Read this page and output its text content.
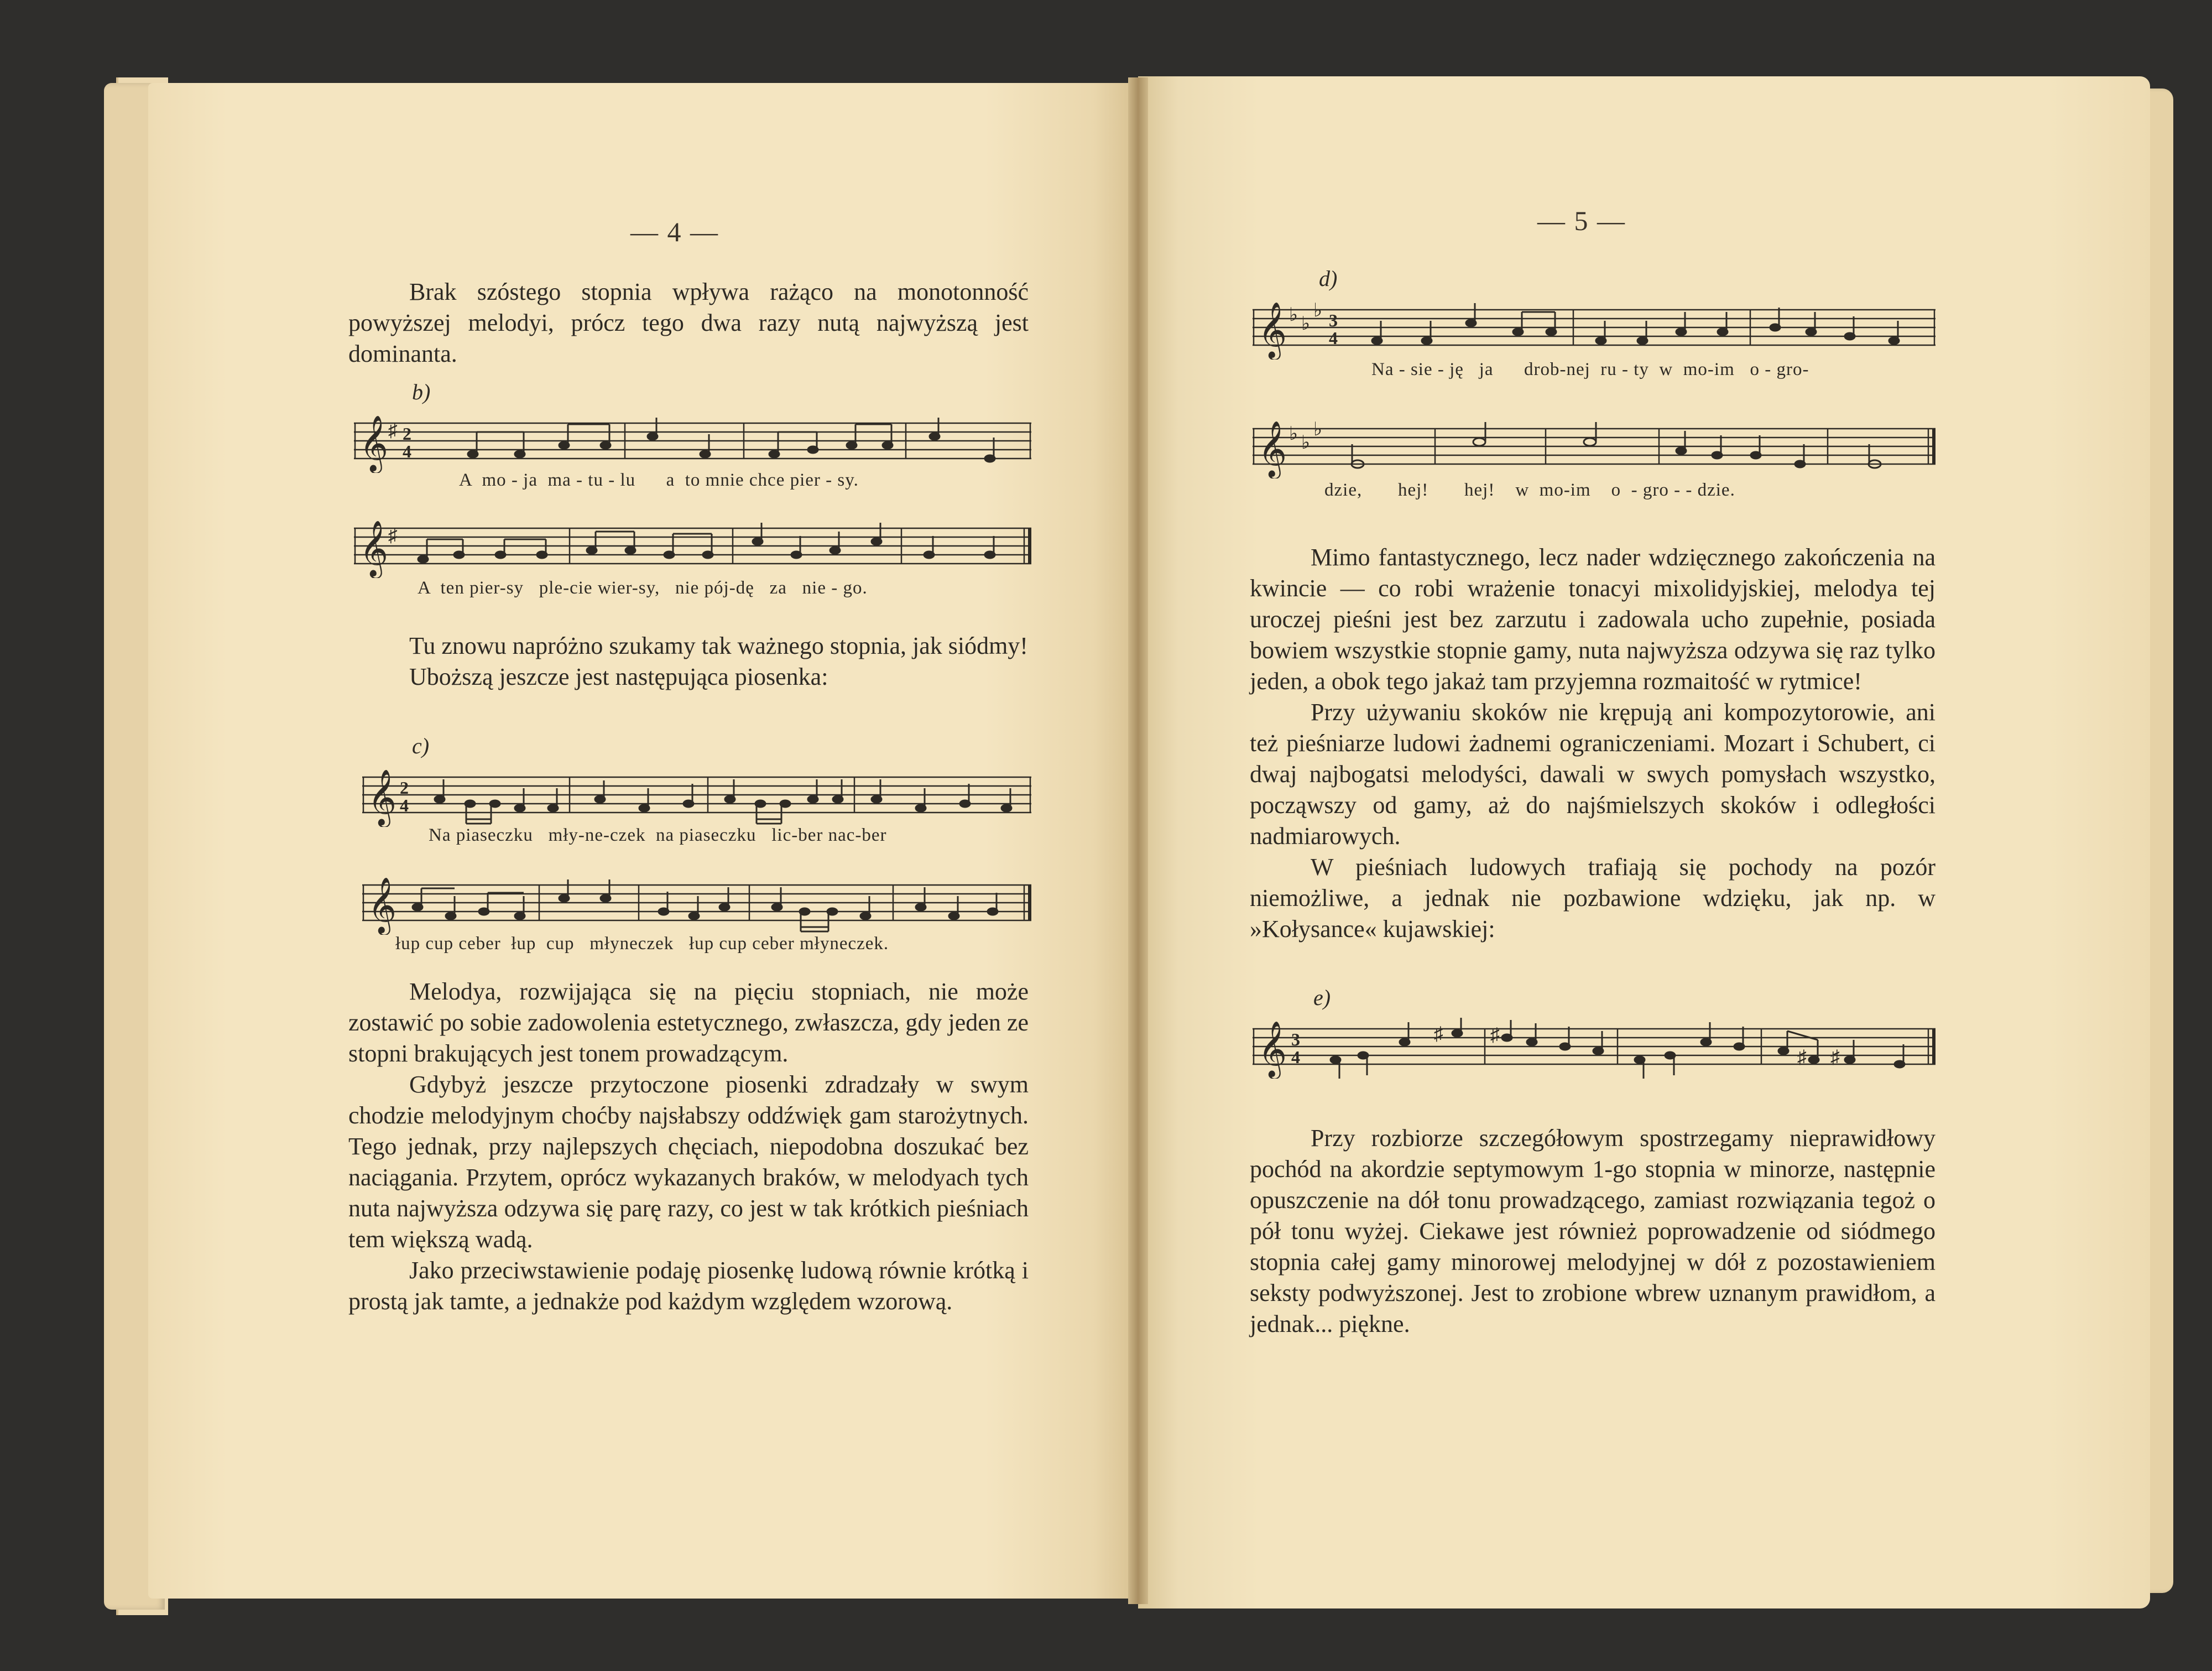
— 4 —

Brak szóstego stopnia wpływa rażąco na monotonność powyższej melodyi, prócz tego dwa razy nutą najwyższą jest dominanta.

b)
𝄞 ♯ 2
4
A  mo - ja  ma - tu - lu      a  to mnie chce pier - sy.
𝄞 ♯
A  ten pier-sy   ple-cie wier-sy,   nie pój-dę   za   nie - go.

Tu znowu napróżno szukamy tak ważnego stopnia, jak siódmy!

Uboższą jeszcze jest następująca piosenka:

c)
𝄞 2
4
Na piaseczku   mły-ne-czek  na piaseczku   lic-ber nac-ber
𝄞
łup cup ceber  łup  cup   młyneczek   łup cup ceber młyneczek.

Melodya, rozwijająca się na pięciu stopniach, nie może zostawić po sobie zadowolenia estetycznego, zwłaszcza, gdy jeden ze stopni brakujących jest tonem prowadzącym.

Gdybyż jeszcze przytoczone piosenki zdradzały w swym chodzie melodyjnym choćby najsłabszy oddźwięk gam starożytnych. Tego jednak, przy najlepszych chęciach, niepodobna doszukać bez naciągania. Przytem, oprócz wykazanych braków, w melodyach tych nuta najwyższa odzywa się parę razy, co jest w tak krótkich pieśniach tem większą wadą.

Jako przeciwstawienie podaję piosenkę ludową równie krótką i prostą jak tamte, a jednakże pod każdym względem wzorową.

— 5 —
d)
𝄞 ♭ ♭
♭ 3
4
Na - sie - ję   ja      drob-nej  ru - ty  w  mo-im   o - gro-
𝄞 ♭ ♭
♭
dzie,       hej!       hej!    w  mo-im    o  - gro - - dzie.

Mimo fantastycznego, lecz nader wdzięcznego zakończenia na kwincie — co robi wrażenie tonacyi mixolidyjskiej, melodya tej uroczej pieśni jest bez zarzutu i zadowala ucho zupełnie, posiada bowiem wszystkie stopnie gamy, nuta najwyższa odzywa się raz tylko jeden, a obok tego jakaż tam przyjemna rozmaitość w rytmice!

Przy używaniu skoków nie krępują ani kompozytorowie, ani też pieśniarze ludowi żadnemi ograniczeniami. Mozart i Schubert, ci dwaj najbogatsi melodyści, dawali w swych pomysłach wszystko, począwszy od gamy, aż do najśmielszych skoków i odległości nadmiarowych.

W pieśniach ludowych trafiają się pochody na pozór niemożliwe, a jednak nie pozbawione wdzięku, jak np. w »Kołysance« kujawskiej:

e)
𝄞 3
4
♯	♯
♯ ♯

Przy rozbiorze szczegółowym spostrzegamy nieprawidłowy pochód na akordzie septymowym 1-go stopnia w minorze, następnie opuszczenie na dół tonu prowadzącego, zamiast rozwiązania tegoż o pół tonu wyżej. Ciekawe jest również poprowadzenie od siódmego stopnia całej gamy minorowej melodyjnej w dół z pozostawieniem seksty podwyższonej. Jest to zrobione wbrew uznanym prawidłom, a jednak... piękne.
